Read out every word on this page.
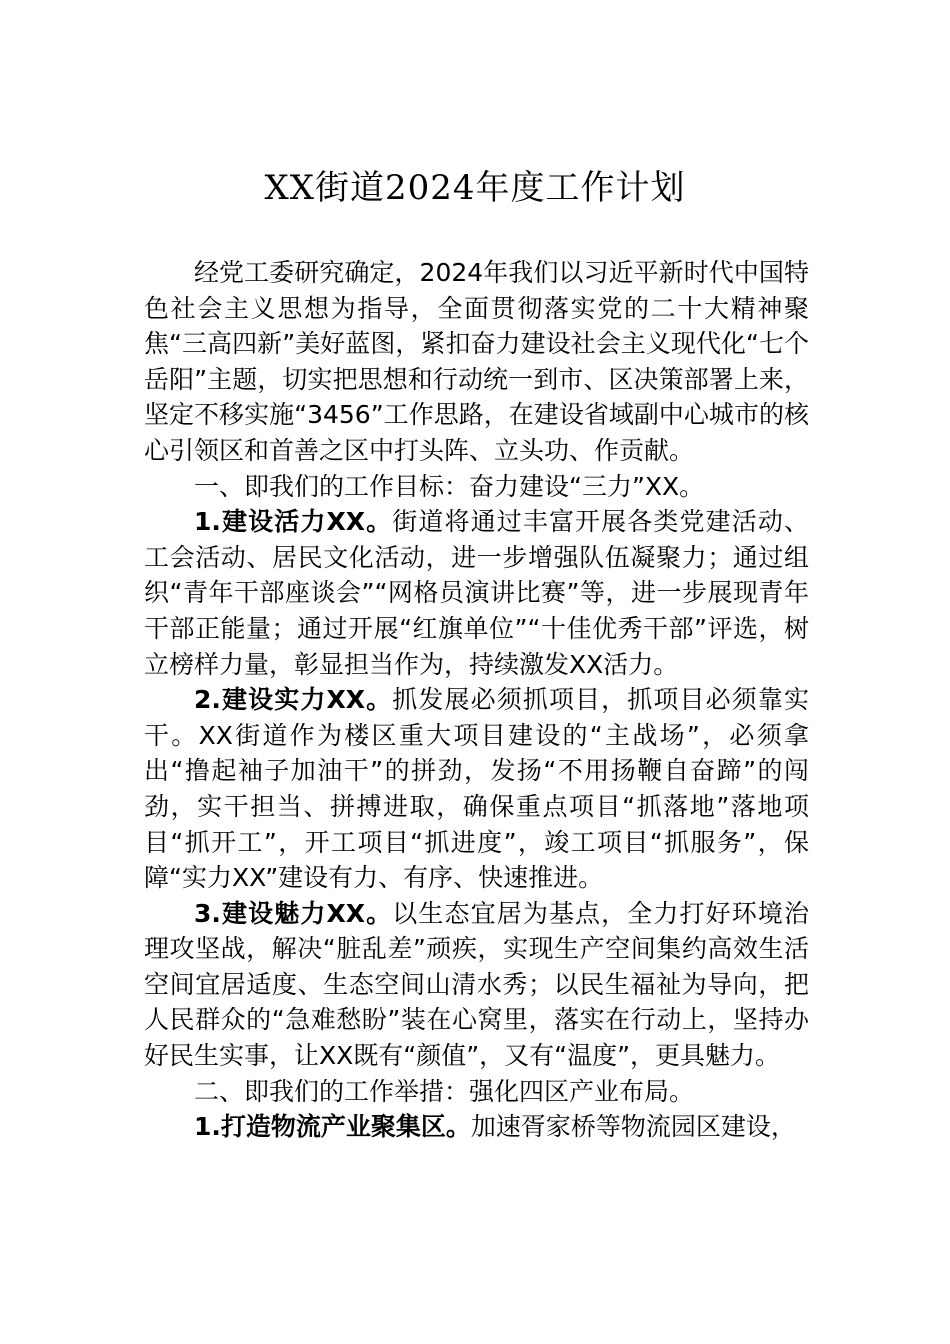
XX街道2024年度工作计划

经党工委研究确定，2024年我们以习近平新时代中国特色社会主义思想为指导，全面贯彻落实党的二十大精神聚焦“三高四新”美好蓝图，紧扣奋力建设社会主义现代化“七个岳阳”主题，切实把思想和行动统一到市、区决策部署上来，坚定不移实施“3456”工作思路，在建设省域副中心城市的核心引领区和首善之区中打头阵、立头功、作贡献。

一、即我们的工作目标：奋力建设“三力”XX。

1.建设活力XX。街道将通过丰富开展各类党建活动、工会活动、居民文化活动，进一步增强队伍凝聚力；通过组织“青年干部座谈会”“网格员演讲比赛”等，进一步展现青年干部正能量；通过开展“红旗单位”“十佳优秀干部”评选，树立榜样力量，彰显担当作为，持续激发XX活力。

2.建设实力XX。抓发展必须抓项目，抓项目必须靠实干。XX街道作为楼区重大项目建设的“主战场”，必须拿出“撸起袖子加油干”的拼劲，发扬“不用扬鞭自奋蹄”的闯劲，实干担当、拼搏进取，确保重点项目“抓落地”落地项目“抓开工”，开工项目“抓进度”，竣工项目“抓服务”，保障“实力XX”建设有力、有序、快速推进。

3.建设魅力XX。以生态宜居为基点，全力打好环境治理攻坚战，解决“脏乱差”顽疾，实现生产空间集约高效生活空间宜居适度、生态空间山清水秀；以民生福祉为导向，把人民群众的“急难愁盼”装在心窝里，落实在行动上，坚持办好民生实事，让XX既有“颜值”，又有“温度”，更具魅力。

二、即我们的工作举措：强化四区产业布局。

1.打造物流产业聚集区。加速胥家桥等物流园区建设，
